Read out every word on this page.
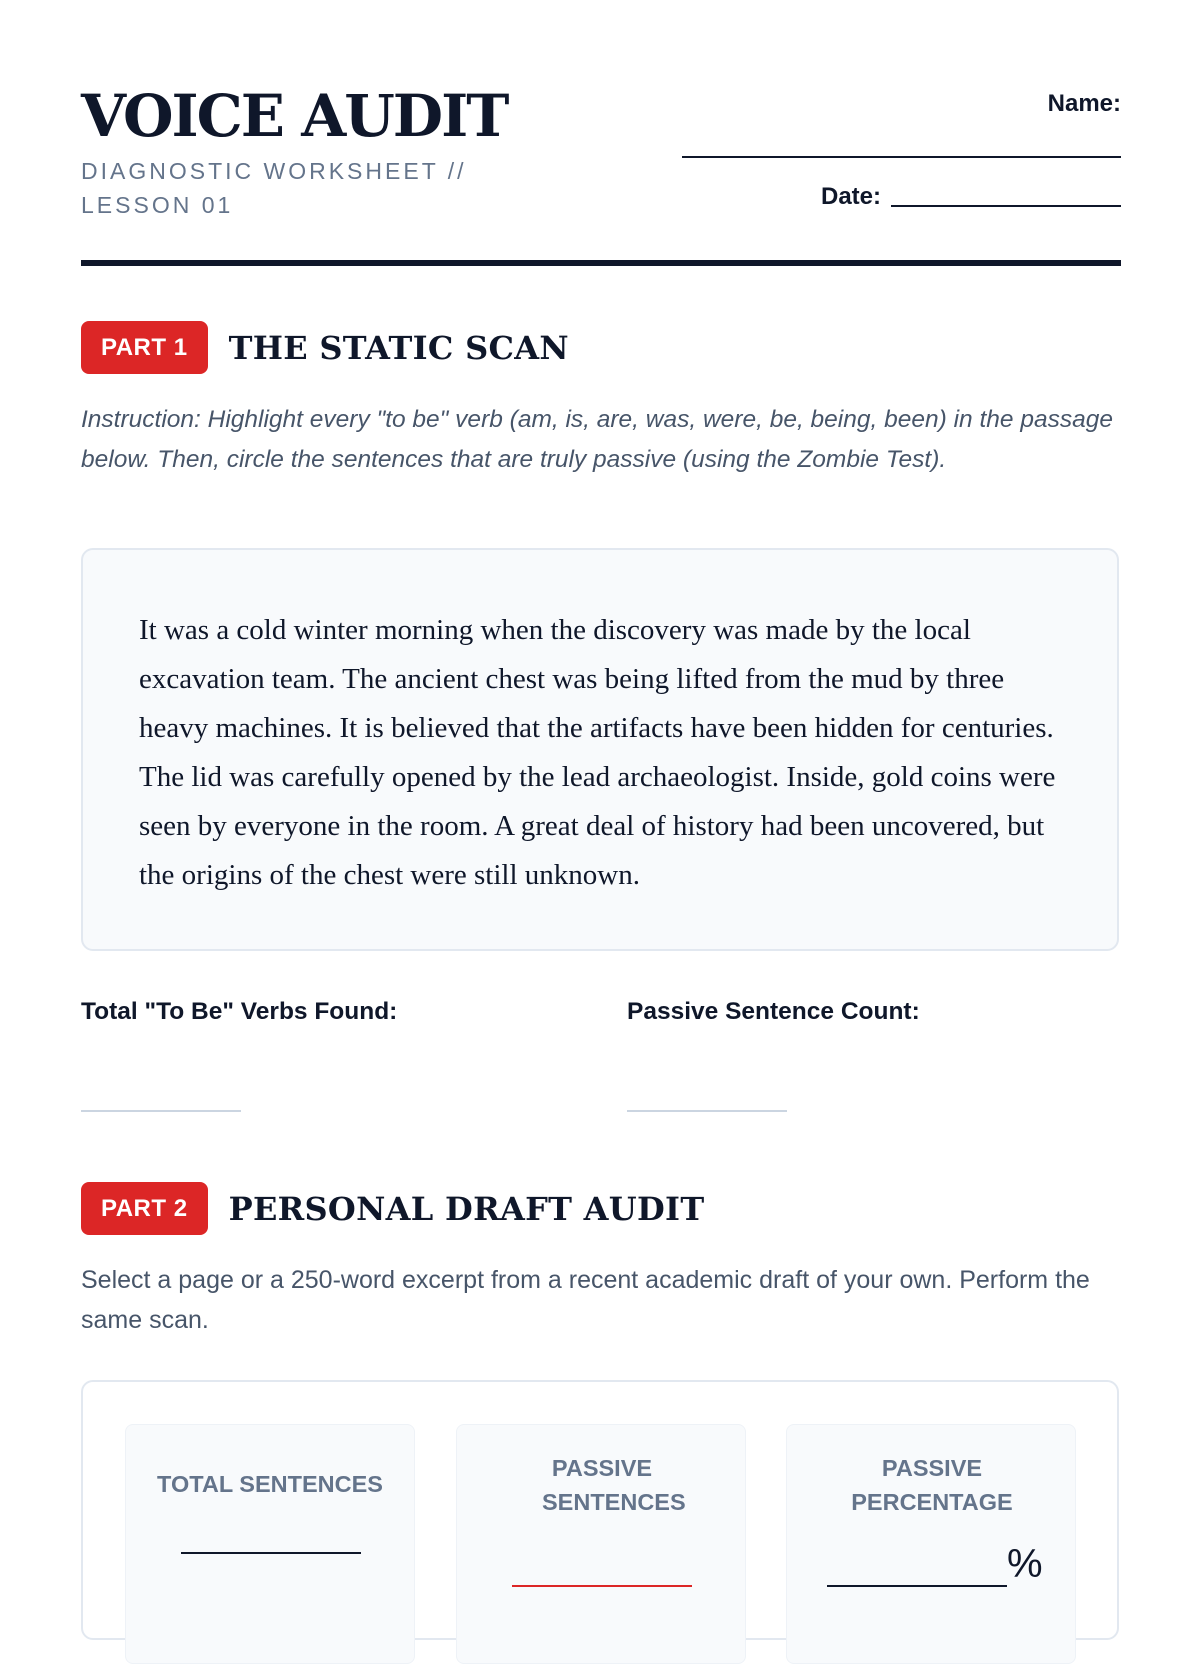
VOICE AUDIT
DIAGNOSTIC WORKSHEET // LESSON 01
Name:
Date:
PART 1	THE STATIC SCAN
Instruction: Highlight every "to be" verb (am, is, are, was, were, be, being, been) in the passage below. Then, circle the sentences that are truly passive (using the Zombie Test).

It was a cold winter morning when the discovery was made by the local excavation team. The ancient chest was being lifted from the mud by three heavy machines. It is believed that the artifacts have been hidden for centuries. The lid was carefully opened by the lead archaeologist. Inside, gold coins were seen by everyone in the room. A great deal of history had been uncovered, but the origins of the chest were still unknown.

Total "To Be" Verbs Found:	Passive Sentence Count:
PART 2	PERSONAL DRAFT AUDIT
Select a page or a 250-word excerpt from a recent academic draft of your own. Perform the same scan.
TOTAL SENTENCES
PASSIVE SENTENCES
PASSIVE PERCENTAGE
%
